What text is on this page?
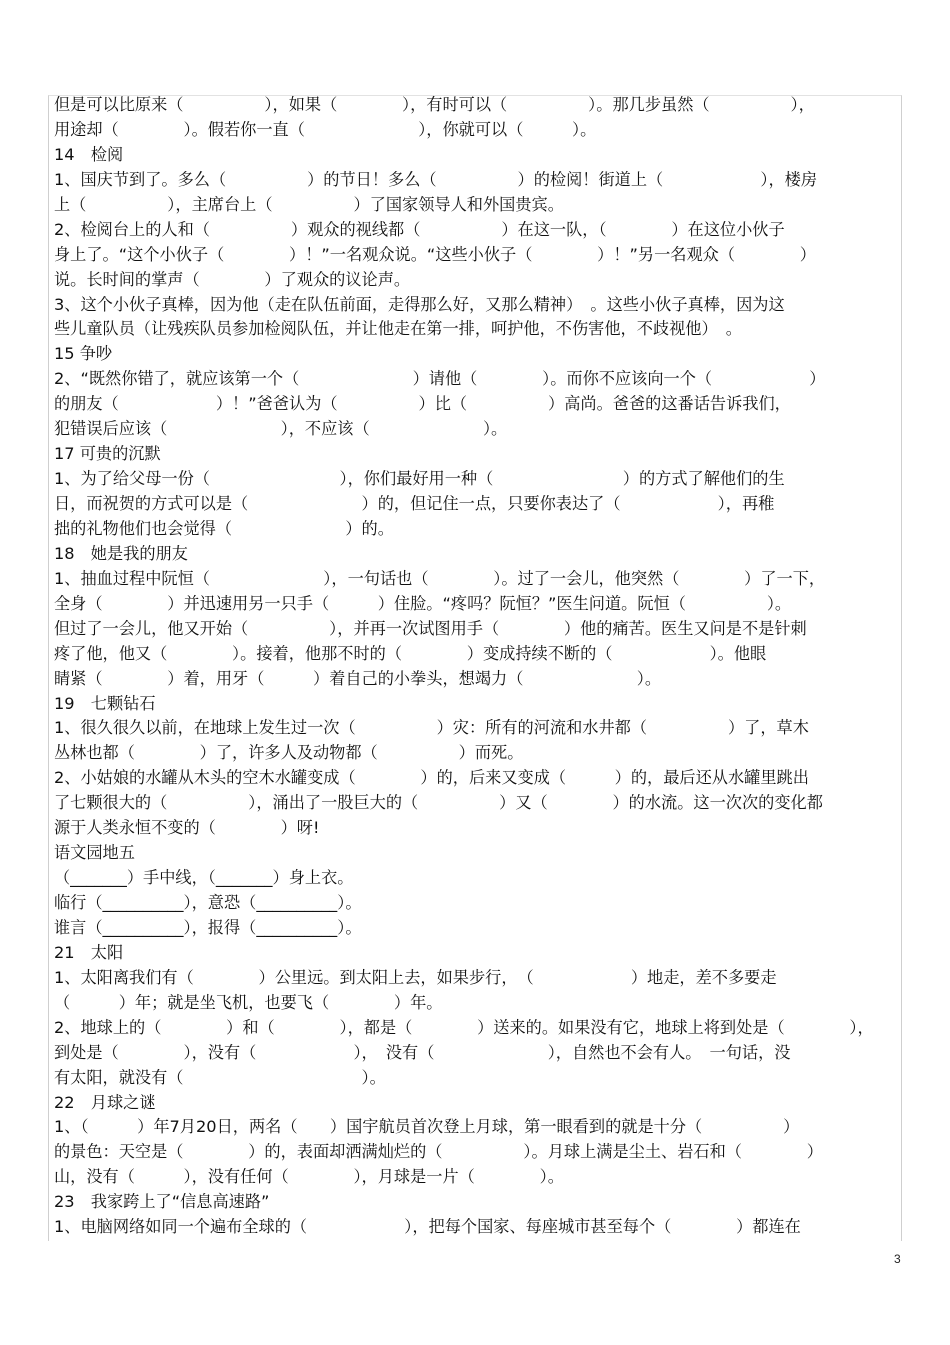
但是可以比原来（　　　　　），如果（　　　　），有时可以（　　　　　）。那几步虽然（　　　　　），
用途却（　　　　）。假若你一直（　　　　　　　），你就可以（　　　）。
14　检阅
1、国庆节到了。多么（　　　　　）的节日！多么（　　　　　）的检阅！街道上（　　　　　　），楼房
上（　　　　　），主席台上（　　　　　）了国家领导人和外国贵宾。
2、检阅台上的人和（　　　　　）观众的视线都（　　　　　）在这一队，（　　　　）在这位小伙子
身上了。“这个小伙子（　　　　）！”一名观众说。“这些小伙子（　　　　）！”另一名观众（　　　　）
说。长时间的掌声（　　　　）了观众的议论声。
3、这个小伙子真棒，因为他（走在队伍前面，走得那么好，又那么精神）　。这些小伙子真棒，因为这
些儿童队员（让残疾队员参加检阅队伍，并让他走在第一排，呵护他，不伤害他，不歧视他）　。
15 争吵
2、“既然你错了，就应该第一个（　　　　　　　）请他（　　　　）。而你不应该向一个（　　　　　　）
的朋友（　　　　　　）！”爸爸认为（　　　　　）比（　　　　　）高尚。爸爸的这番话告诉我们，
犯错误后应该（　　　　　　　），不应该（　　　　　　　）。
17 可贵的沉默
1、为了给父母一份（　　　　　　　　），你们最好用一种（　　　　　　　　）的方式了解他们的生
日，而祝贺的方式可以是（　　　　　　　）的，但记住一点，只要你表达了（　　　　　　），再稚
拙的礼物他们也会觉得（　　　　　　　）的。
18　她是我的朋友
1、抽血过程中阮恒（　　　　　　　），一句话也（　　　　）。过了一会儿，他突然（　　　　）了一下，
全身（　　　　）并迅速用另一只手（　　　）住脸。“疼吗？阮恒？”医生问道。阮恒（　　　　　）。
但过了一会儿，他又开始（　　　　　），并再一次试图用手（　　　　）他的痛苦。医生又问是不是针刺
疼了他，他又（　　　　）。接着，他那不时的（　　　　）变成持续不断的（　　　　　　）。他眼
睛紧（　　　　）着，用牙（　　　）着自己的小拳头，想竭力（　　　　　　　）。
19　七颗钻石
1、很久很久以前，在地球上发生过一次（　　　　　）灾：所有的河流和水井都（　　　　　）了，草木
丛林也都（　　　　）了，许多人及动物都（　　　　　）而死。
2、小姑娘的水罐从木头的空木水罐变成（　　　　）的，后来又变成（　　　）的，最后还从水罐里跳出
了七颗很大的（　　　　　），涌出了一股巨大的（　　　　　）又（　　　　）的水流。这一次次的变化都
源于人类永恒不变的（　　　　）呀!
语文园地五
（_______）手中线，（_______）身上衣。
临行（__________），意恐（__________）。
谁言（__________），报得（__________）。
21　太阳
1、太阳离我们有（　　　　）公里远。到太阳上去，如果步行，　（　　　　　　）地走，差不多要走
（　　　）年；就是坐飞机，也要飞（　　　　）年。
2、地球上的（　　　　）和（　　　　），都是（　　　　）送来的。如果没有它，地球上将到处是（　　　　），
到处是（　　　　），没有（　　　　　　），　没有（　　　　　　　），自然也不会有人。　一句话，没
有太阳，就没有（　　　　　　　　　　　）。
22　月球之谜
1、（　　　）年7月20日，两名（　　）国宇航员首次登上月球，第一眼看到的就是十分（　　　　　）
的景色：天空是（　　　　）的，表面却洒满灿烂的（　　　　　）。月球上满是尘土、岩石和（　　　　）
山，没有（　　　），没有任何（　　　　），月球是一片（　　　　）。
23　我家跨上了“信息高速路”
1、电脑网络如同一个遍布全球的（　　　　　　），把每个国家、每座城市甚至每个（　　　　）都连在
3
